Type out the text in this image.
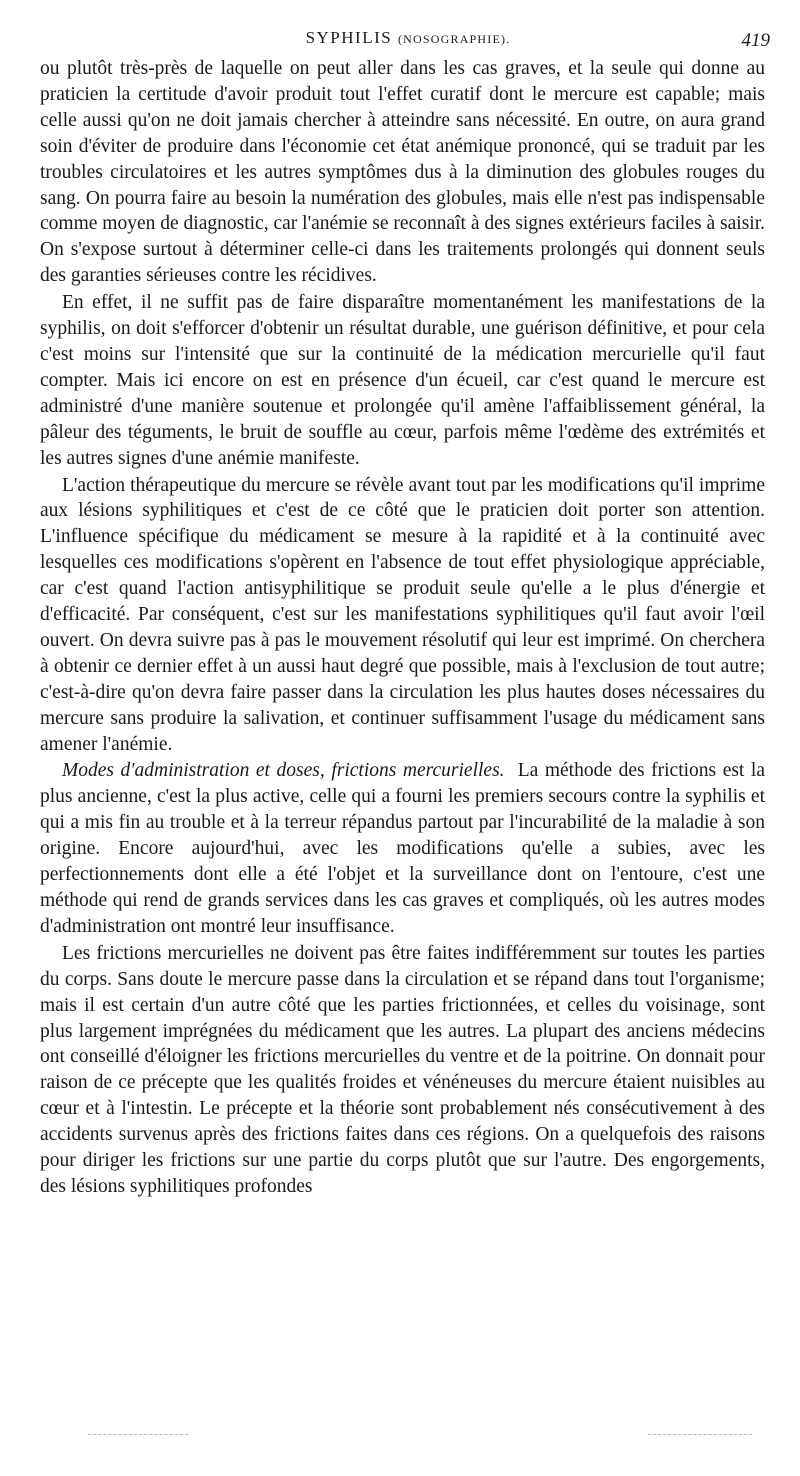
SYPHILIS (NOSOGRAPHIE).	419

ou plutôt très-près de laquelle on peut aller dans les cas graves, et la seule qui donne au praticien la certitude d'avoir produit tout l'effet curatif dont le mercure est capable; mais celle aussi qu'on ne doit jamais chercher à atteindre sans nécessité. En outre, on aura grand soin d'éviter de produire dans l'économie cet état anémique prononcé, qui se traduit par les troubles circulatoires et les autres symptômes dus à la diminution des globules rouges du sang. On pourra faire au besoin la numération des globules, mais elle n'est pas indispensable comme moyen de diagnostic, car l'anémie se reconnaît à des signes extérieurs faciles à saisir. On s'expose surtout à déterminer celle-ci dans les traitements prolongés qui donnent seuls des garanties sérieuses contre les récidives.

En effet, il ne suffit pas de faire disparaître momentanément les manifestations de la syphilis, on doit s'efforcer d'obtenir un résultat durable, une guérison définitive, et pour cela c'est moins sur l'intensité que sur la continuité de la médication mercurielle qu'il faut compter. Mais ici encore on est en présence d'un écueil, car c'est quand le mercure est administré d'une manière soutenue et prolongée qu'il amène l'affaiblissement général, la pâleur des téguments, le bruit de souffle au cœur, parfois même l'œdème des extrémités et les autres signes d'une anémie manifeste.

L'action thérapeutique du mercure se révèle avant tout par les modifications qu'il imprime aux lésions syphilitiques et c'est de ce côté que le praticien doit porter son attention. L'influence spécifique du médicament se mesure à la rapidité et à la continuité avec lesquelles ces modifications s'opèrent en l'absence de tout effet physiologique appréciable, car c'est quand l'action antisyphilitique se produit seule qu'elle a le plus d'énergie et d'efficacité. Par conséquent, c'est sur les manifestations syphilitiques qu'il faut avoir l'œil ouvert. On devra suivre pas à pas le mouvement résolutif qui leur est imprimé. On cherchera à obtenir ce dernier effet à un aussi haut degré que possible, mais à l'exclusion de tout autre; c'est-à-dire qu'on devra faire passer dans la circulation les plus hautes doses nécessaires du mercure sans produire la salivation, et continuer suffisamment l'usage du médicament sans amener l'anémie.

Modes d'administration et doses, frictions mercurielles. La méthode des frictions est la plus ancienne, c'est la plus active, celle qui a fourni les premiers secours contre la syphilis et qui a mis fin au trouble et à la terreur répandus partout par l'incurabilité de la maladie à son origine. Encore aujourd'hui, avec les modifications qu'elle a subies, avec les perfectionnements dont elle a été l'objet et la surveillance dont on l'entoure, c'est une méthode qui rend de grands services dans les cas graves et compliqués, où les autres modes d'administration ont montré leur insuffisance.

Les frictions mercurielles ne doivent pas être faites indifféremment sur toutes les parties du corps. Sans doute le mercure passe dans la circulation et se répand dans tout l'organisme; mais il est certain d'un autre côté que les parties frictionnées, et celles du voisinage, sont plus largement imprégnées du médicament que les autres. La plupart des anciens médecins ont conseillé d'éloigner les frictions mercurielles du ventre et de la poitrine. On donnait pour raison de ce précepte que les qualités froides et vénéneuses du mercure étaient nuisibles au cœur et à l'intestin. Le précepte et la théorie sont probablement nés consécutivement à des accidents survenus après des frictions faites dans ces régions. On a quelquefois des raisons pour diriger les frictions sur une partie du corps plutôt que sur l'autre. Des engorgements, des lésions syphilitiques profondes
